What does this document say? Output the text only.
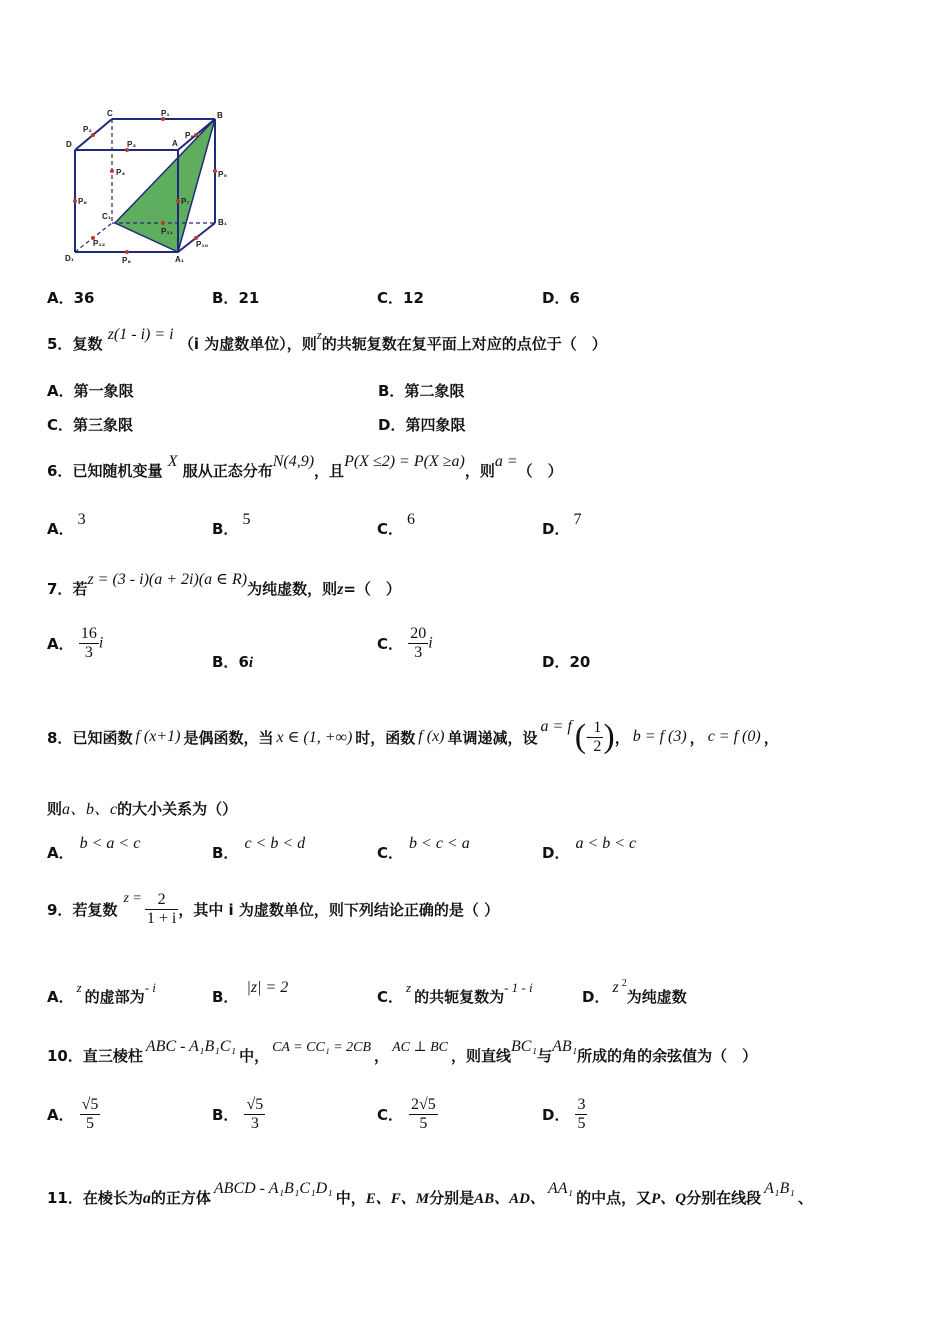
C	B
A
D
B₁
A₁
D₁
C₁
P₁
P₂
P₃
P₄	P₅
P₆	P₇
P₈
P₉
P₁₀
P₁₁
P₁₂
A．36	B．21	C．12	D．6
5．复数 z(1 - i) = i （i 为虚数单位），则z的共轭复数在复平面上对应的点位于（　）
A．第一象限	B．第二象限
C．第三象限	D．第四象限
6．已知随机变量 X 服从正态分布N(4,9)，且P(X ≤2) = P(X ≥a)，则a =（　）
A．3
B．5
C．6
D．7
7．若z = (3 - i)(a + 2i)(a ∈ R)为纯虚数，则z=（　）
A． $\frac{16}{3}$ i
B．6i
C． $\frac{20}{3}$ i
D．20
8． 已知函数 f (x+1) 是偶函数，当 x ∈ (1, +∞) 时，函数 f (x) 单调递减，设
a = f ( - $\frac{1}{2}$ ) ， b = f (3) ， c = f (0) ，
则a、b、c的大小关系为（）
A．b < a < c
B．c < b < d
C．b < c < a
D．a < b < c
9． 若复数
$z = \frac{2}{1 + i}$ ，其中 i 为虚数单位，则下列结论正确的是（ ）
A．z的虚部为- i
B．|z| = 2
C．z的共轭复数为- 1 - i
D．z $^2$为纯虚数
10．直三棱柱ABC - A₁B₁C₁中， CA = CC₁ = 2CB ， AC ⊥ BC ，则直线BC₁与AB₁所成的角的余弦值为（　）
A． $\frac{√5}{5}$	B． $\frac{√5}{3}$	C． $\frac{2√5}{5}$	D． $\frac{3}{5}$
11．在棱长为a的正方体ABCD - A₁B₁C₁D₁中，E、F、M分别是AB、AD、AA₁的中点，又P、Q分别在线段A₁B₁、
